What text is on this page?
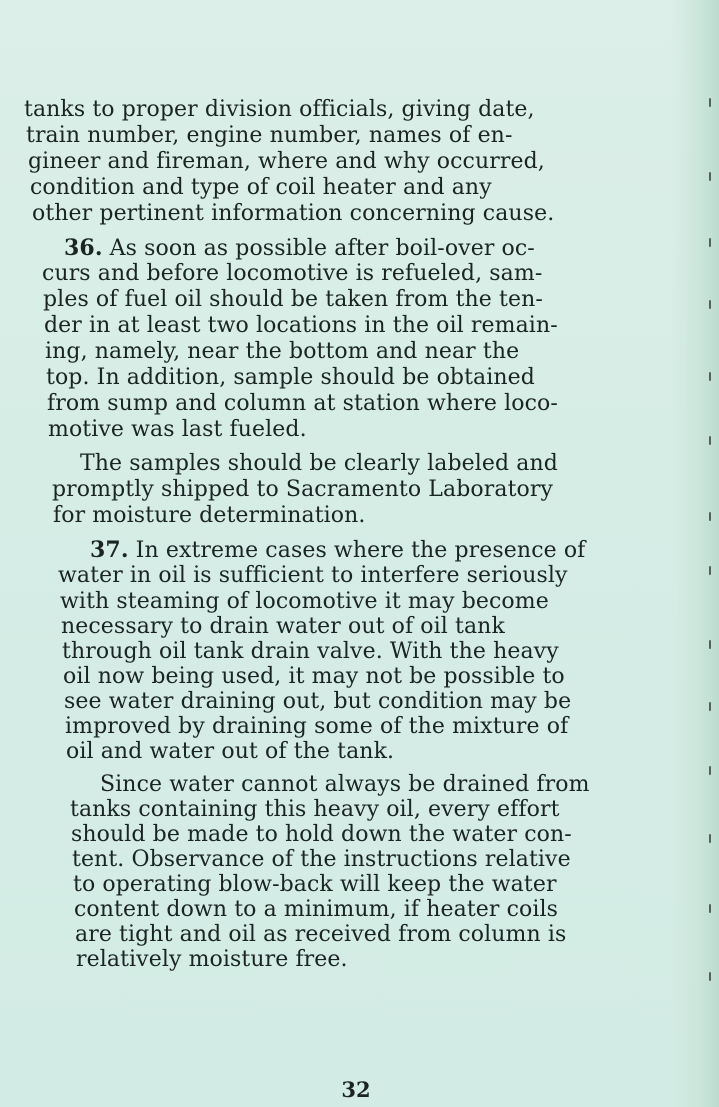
tanks to proper division officials, giving date,
train number, engine number, names of en-
gineer and fireman, where and why occurred,
condition and type of coil heater and any
other pertinent information concerning cause.
36. As soon as possible after boil-over oc-
curs and before locomotive is refueled, sam-
ples of fuel oil should be taken from the ten-
der in at least two locations in the oil remain-
ing, namely, near the bottom and near the
top. In addition, sample should be obtained
from sump and column at station where loco-
motive was last fueled.
The samples should be clearly labeled and
promptly shipped to Sacramento Laboratory
for moisture determination.
37. In extreme cases where the presence of
water in oil is sufficient to interfere seriously
with steaming of locomotive it may become
necessary to drain water out of oil tank
through oil tank drain valve. With the heavy
oil now being used, it may not be possible to
see water draining out, but condition may be
improved by draining some of the mixture of
oil and water out of the tank.
Since water cannot always be drained from
tanks containing this heavy oil, every effort
should be made to hold down the water con-
tent. Observance of the instructions relative
to operating blow-back will keep the water
content down to a minimum, if heater coils
are tight and oil as received from column is
relatively moisture free.
32
